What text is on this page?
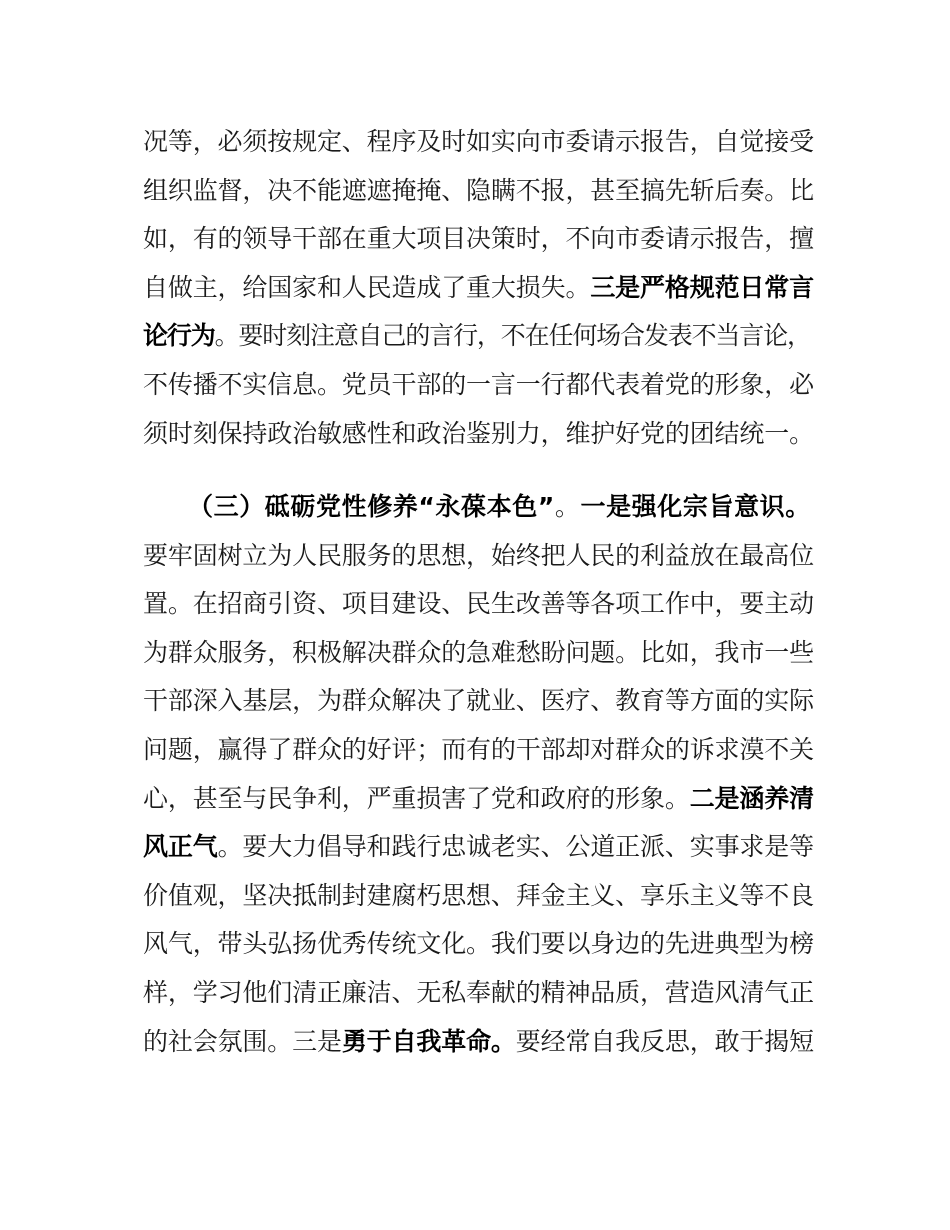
况等，必须按规定、程序及时如实向市委请示报告，自觉接受
组织监督，决不能遮遮掩掩、隐瞒不报，甚至搞先斩后奏。比
如，有的领导干部在重大项目决策时，不向市委请示报告，擅
自做主，给国家和人民造成了重大损失。三是严格规范日常言
论行为。要时刻注意自己的言行，不在任何场合发表不当言论，
不传播不实信息。党员干部的一言一行都代表着党的形象，必
须时刻保持政治敏感性和政治鉴别力，维护好党的团结统一。

（三）砥砺党性修养“永葆本色”。一是强化宗旨意识。
要牢固树立为人民服务的思想，始终把人民的利益放在最高位
置。在招商引资、项目建设、民生改善等各项工作中，要主动
为群众服务，积极解决群众的急难愁盼问题。比如，我市一些
干部深入基层，为群众解决了就业、医疗、教育等方面的实际
问题，赢得了群众的好评；而有的干部却对群众的诉求漠不关
心，甚至与民争利，严重损害了党和政府的形象。二是涵养清
风正气。要大力倡导和践行忠诚老实、公道正派、实事求是等
价值观，坚决抵制封建腐朽思想、拜金主义、享乐主义等不良
风气，带头弘扬优秀传统文化。我们要以身边的先进典型为榜
样，学习他们清正廉洁、无私奉献的精神品质，营造风清气正
的社会氛围。三是勇于自我革命。要经常自我反思，敢于揭短
